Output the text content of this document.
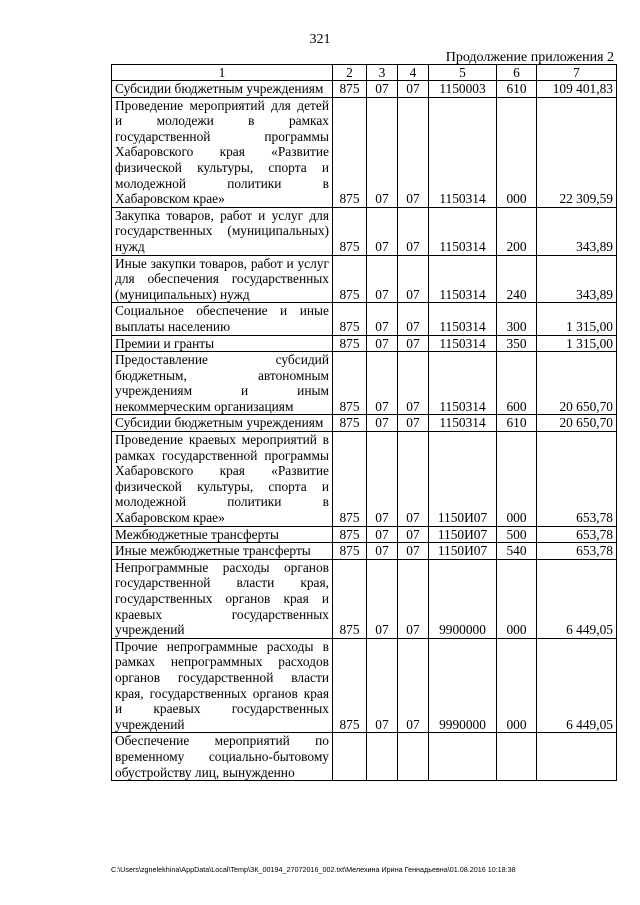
321
Продолжение приложения 2
1	2	3	4	5	6	7
Субсидии бюджетным учреждениям	875	07	07	1150003	610	109 401,83
Проведение мероприятий для детей и молодежи в рамках государственной программы Хабаровского края «Развитие физической культуры, спорта и молодежной политики в Хабаровском крае»	875	07	07	1150314	000	22 309,59
Закупка товаров, работ и услуг для государственных (муниципальных) нужд	875	07	07	1150314	200	343,89
Иные закупки товаров, работ и услуг для обеспечения государственных (муниципальных) нужд	875	07	07	1150314	240	343,89
Социальное обеспечение и иные выплаты населению	875	07	07	1150314	300	1 315,00
Премии и гранты	875	07	07	1150314	350	1 315,00
Предоставление субсидий бюджетным, автономным учреждениям и иным некоммерческим организациям	875	07	07	1150314	600	20 650,70
Субсидии бюджетным учреждениям	875	07	07	1150314	610	20 650,70
Проведение краевых мероприятий в рамках государственной программы Хабаровского края «Развитие физической культуры, спорта и молодежной политики в Хабаровском крае»	875	07	07	1150И07	000	653,78
Межбюджетные трансферты	875	07	07	1150И07	500	653,78
Иные межбюджетные трансферты	875	07	07	1150И07	540	653,78
Непрограммные расходы органов государственной власти края, государственных органов края и краевых государственных учреждений	875	07	07	9900000	000	6 449,05
Прочие непрограммные расходы в рамках непрограммных расходов органов государственной власти края, государственных органов края и краевых государственных учреждений	875	07	07	9990000	000	6 449,05
Обеспечение мероприятий по временному социально-бытовому обустройству лиц, вынужденно						
C:\Users\zgnelekhina\AppData\Local\Temp\ЗК_00194_27072016_002.txt\Мелехина Ирина Геннадьевна\01.08.2016 10:18:38
